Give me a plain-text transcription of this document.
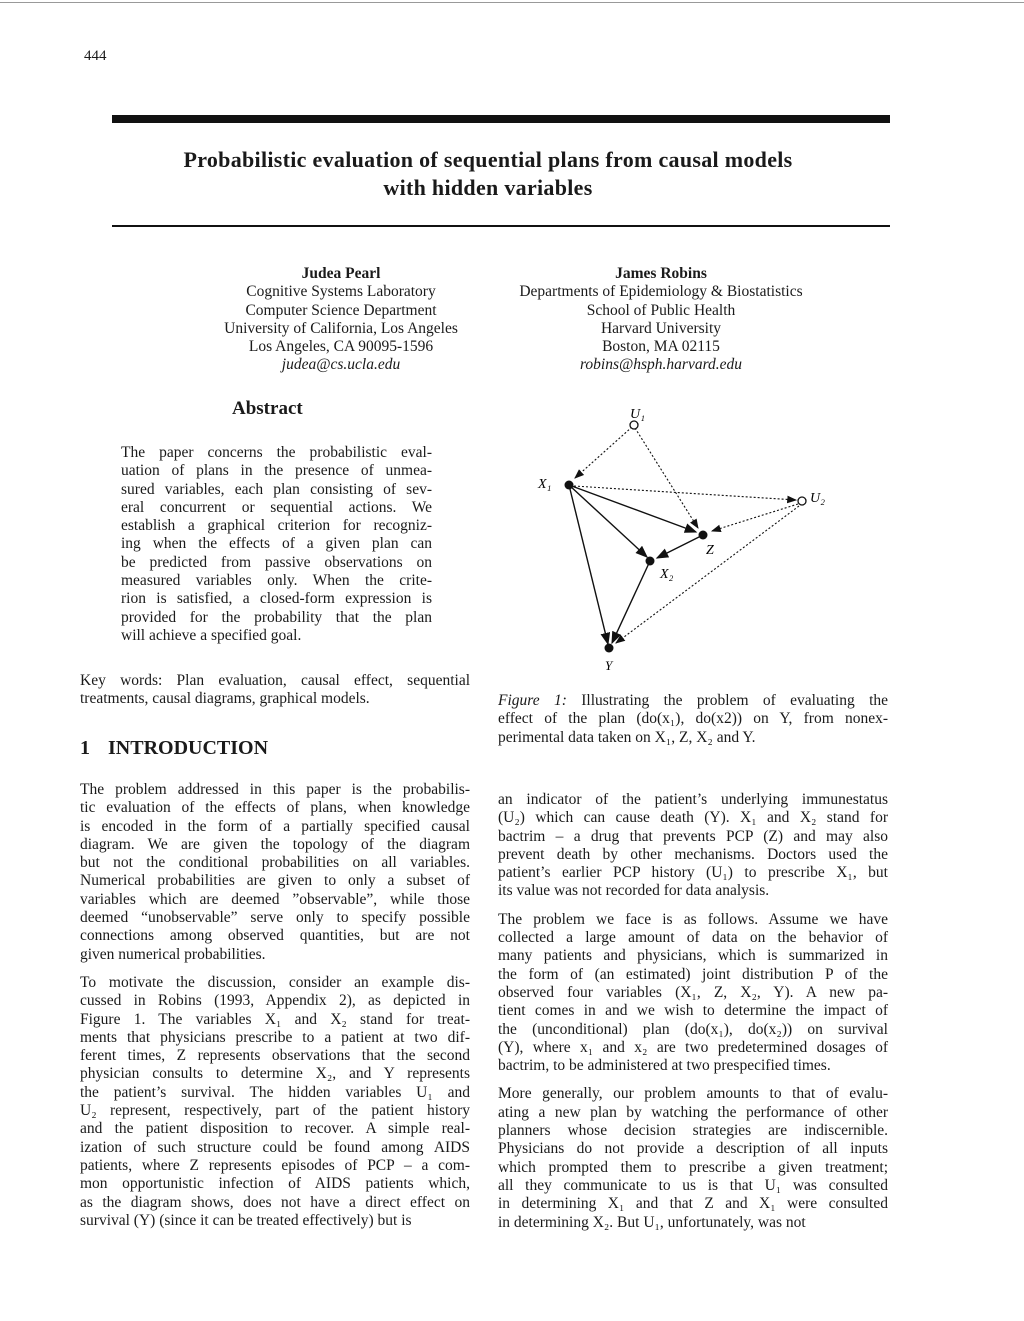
444
Probabilistic evaluation of sequential plans from causal models
with hidden variables
Judea Pearl
Cognitive Systems Laboratory
Computer Science Department
University of California, Los Angeles
Los Angeles, CA 90095-1596
judea@cs.ucla.edu
James Robins
Departments of Epidemiology & Biostatistics
School of Public Health
Harvard University
Boston, MA 02115
robins@hsph.harvard.edu
Abstract
The paper concerns the probabilistic eval-
uation of plans in the presence of unmea-
sured variables, each plan consisting of sev-
eral concurrent or sequential actions. We
establish a graphical criterion for recogniz-
ing when the effects of a given plan can
be predicted from passive observations on
measured variables only. When the crite-
rion is satisfied, a closed-form expression is
provided for the probability that the plan
will achieve a specified goal.
Key words: Plan evaluation, causal effect, sequential
treatments, causal diagrams, graphical models.
1 INTRODUCTION
The problem addressed in this paper is the probabilis-
tic evaluation of the effects of plans, when knowledge
is encoded in the form of a partially specified causal
diagram. We are given the topology of the diagram
but not the conditional probabilities on all variables.
Numerical probabilities are given to only a subset of
variables which are deemed ”observable”, while those
deemed “unobservable” serve only to specify possible
connections among observed quantities, but are not
given numerical probabilities.
To motivate the discussion, consider an example dis-
cussed in Robins (1993, Appendix 2), as depicted in
Figure 1. The variables X₁ and X₂ stand for treat-
ments that physicians prescribe to a patient at two dif-
ferent times, Z represents observations that the second
physician consults to determine X₂, and Y represents
the patient’s survival. The hidden variables U₁ and
U₂ represent, respectively, part of the patient history
and the patient disposition to recover. A simple real-
ization of such structure could be found among AIDS
patients, where Z represents episodes of PCP – a com-
mon opportunistic infection of AIDS patients which,
as the diagram shows, does not have a direct effect on
survival (Y) (since it can be treated effectively) but is
an indicator of the patient’s underlying immunestatus
(U₂) which can cause death (Y). X₁ and X₂ stand for
bactrim – a drug that prevents PCP (Z) and may also
prevent death by other mechanisms. Doctors used the
patient’s earlier PCP history (U₁) to prescribe X₁, but
its value was not recorded for data analysis.
The problem we face is as follows. Assume we have
collected a large amount of data on the behavior of
many patients and physicians, which is summarized in
the form of (an estimated) joint distribution P of the
observed four variables (X₁, Z, X₂, Y). A new pa-
tient comes in and we wish to determine the impact of
the (unconditional) plan (do(x₁), do(x₂)) on survival
(Y), where x₁ and x₂ are two predetermined dosages of
bactrim, to be administered at two prespecified times.
More generally, our problem amounts to that of evalu-
ating a new plan by watching the performance of other
planners whose decision strategies are indiscernible.
Physicians do not provide a description of all inputs
which prompted them to prescribe a given treatment;
all they communicate to us is that U₁ was consulted
in determining X₁ and that Z and X₁ were consulted
in determining X₂. But U₁, unfortunately, was not
U₁
X₁
U₂
Z
X₂
Y
Figure 1: Illustrating the problem of evaluating the
effect of the plan (do(x₁), do(x2)) on Y, from nonex-
perimental data taken on X₁, Z, X₂ and Y.
